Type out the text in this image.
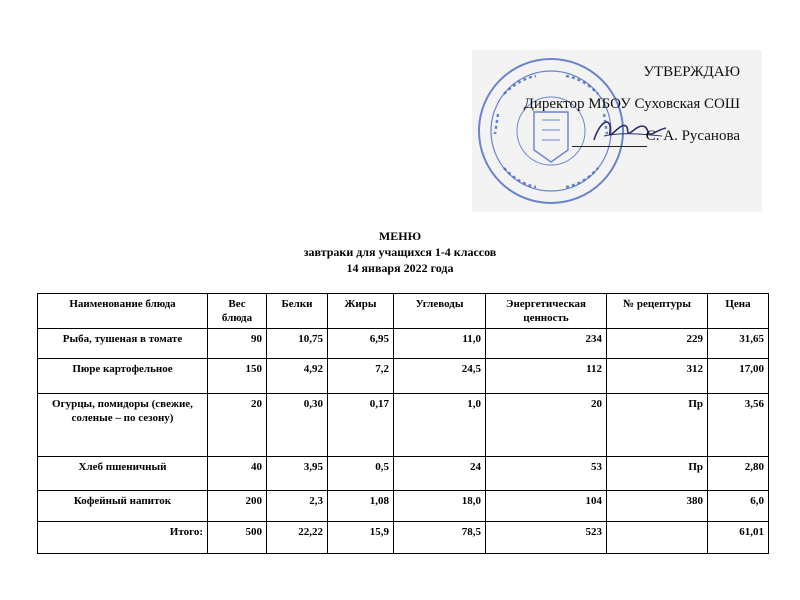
УТВЕРЖДАЮ
Директор МБОУ Суховская СОШ
С. А. Русанова
МЕНЮ
завтраки для учащихся 1-4 классов
14 января 2022 года
Наименование блюда	Вес блюда	Белки	Жиры	Углеводы	Энергетическая ценность	№ рецептуры	Цена
Рыба, тушеная в томате	90	10,75	6,95	11,0	234	229	31,65
Пюре картофельное	150	4,92	7,2	24,5	112	312	17,00
Огурцы, помидоры (свежие, соленые – по сезону)	20	0,30	0,17	1,0	20	Пр	3,56
Хлеб пшеничный	40	3,95	0,5	24	53	Пр	2,80
Кофейный напиток	200	2,3	1,08	18,0	104	380	6,0
Итого:	500	22,22	15,9	78,5	523		61,01
